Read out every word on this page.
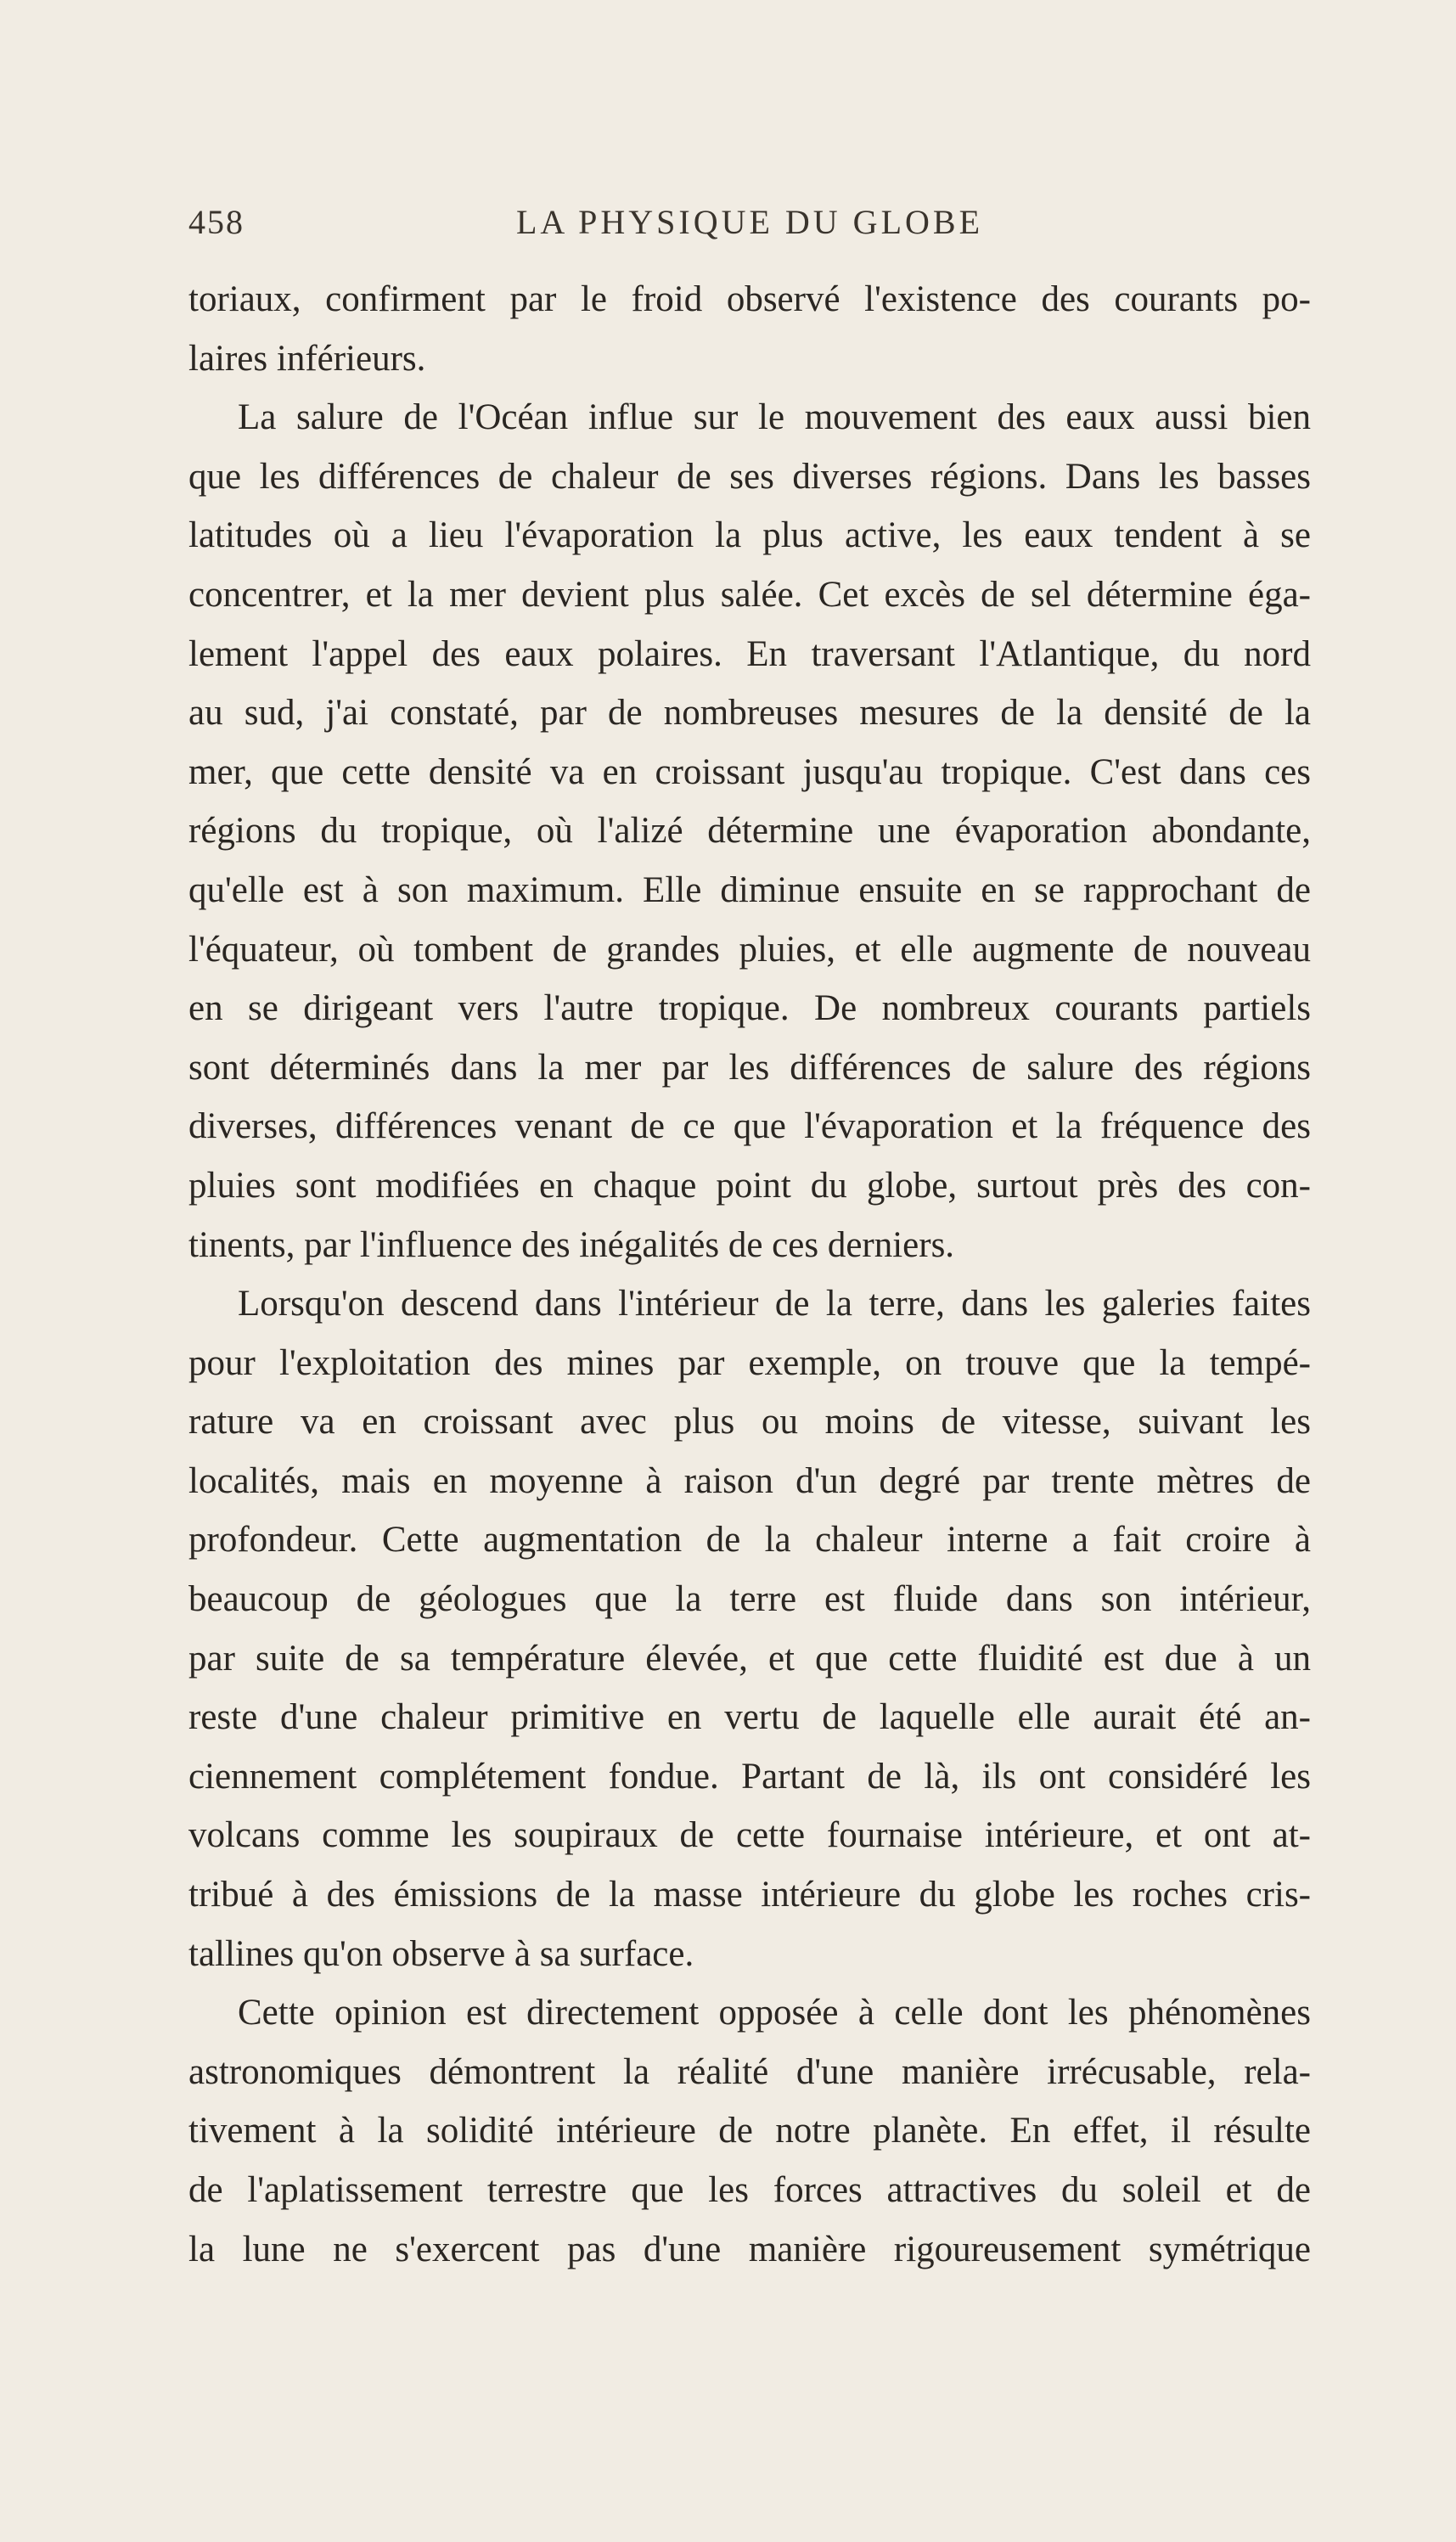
458	LA PHYSIQUE DU GLOBE
toriaux, confirment par le froid observé l'existence des courants po-
laires inférieurs.
La salure de l'Océan influe sur le mouvement des eaux aussi bien
que les différences de chaleur de ses diverses régions. Dans les basses
latitudes où a lieu l'évaporation la plus active, les eaux tendent à se
concentrer, et la mer devient plus salée. Cet excès de sel détermine éga-
lement l'appel des eaux polaires. En traversant l'Atlantique, du nord
au sud, j'ai constaté, par de nombreuses mesures de la densité de la
mer, que cette densité va en croissant jusqu'au tropique. C'est dans ces
régions du tropique, où l'alizé détermine une évaporation abondante,
qu'elle est à son maximum. Elle diminue ensuite en se rapprochant de
l'équateur, où tombent de grandes pluies, et elle augmente de nouveau
en se dirigeant vers l'autre tropique. De nombreux courants partiels
sont déterminés dans la mer par les différences de salure des régions
diverses, différences venant de ce que l'évaporation et la fréquence des
pluies sont modifiées en chaque point du globe, surtout près des con-
tinents, par l'influence des inégalités de ces derniers.
Lorsqu'on descend dans l'intérieur de la terre, dans les galeries faites
pour l'exploitation des mines par exemple, on trouve que la tempé-
rature va en croissant avec plus ou moins de vitesse, suivant les
localités, mais en moyenne à raison d'un degré par trente mètres de
profondeur. Cette augmentation de la chaleur interne a fait croire à
beaucoup de géologues que la terre est fluide dans son intérieur,
par suite de sa température élevée, et que cette fluidité est due à un
reste d'une chaleur primitive en vertu de laquelle elle aurait été an-
ciennement complétement fondue. Partant de là, ils ont considéré les
volcans comme les soupiraux de cette fournaise intérieure, et ont at-
tribué à des émissions de la masse intérieure du globe les roches cris-
tallines qu'on observe à sa surface.
Cette opinion est directement opposée à celle dont les phénomènes
astronomiques démontrent la réalité d'une manière irrécusable, rela-
tivement à la solidité intérieure de notre planète. En effet, il résulte
de l'aplatissement terrestre que les forces attractives du soleil et de
la lune ne s'exercent pas d'une manière rigoureusement symétrique
